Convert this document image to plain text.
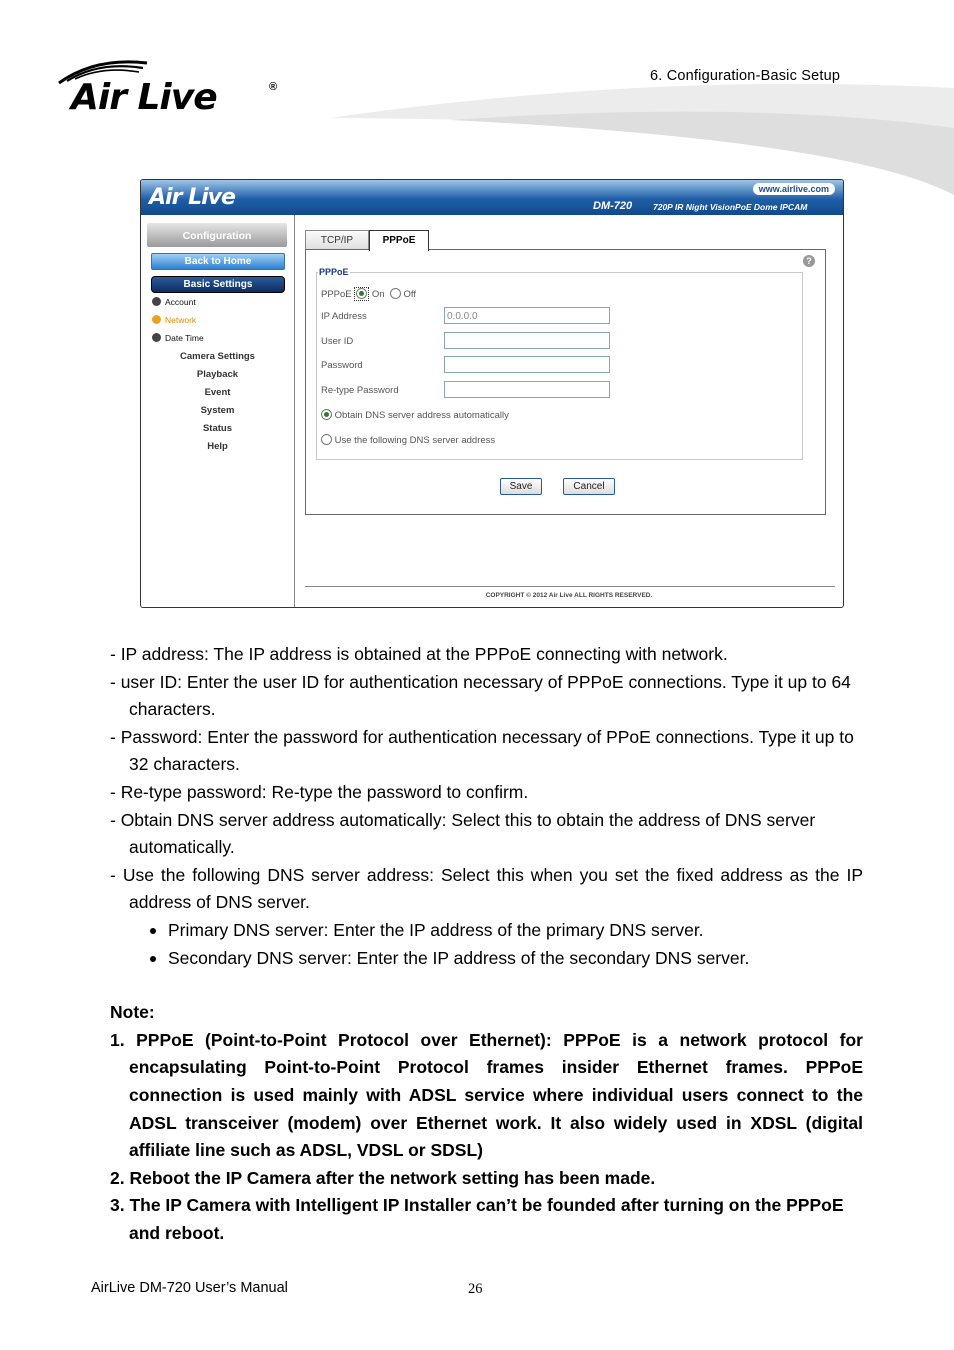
Air Live	®
6. Configuration-Basic Setup
Air Live	www.airlive.com
DM-720 720P IR Night VisionPoE Dome IPCAM
Configuration
Back to Home
Basic Settings
Account
Network
Date Time
Camera Settings
Playback
Event
System
Status
Help
TCP/IP	PPPoE
?
PPPoE
PPPoE On Off
IP Address	0.0.0.0
User ID
Password
Re-type Password
Obtain DNS server address automatically
Use the following DNS server address
Save	Cancel
COPYRIGHT © 2012 Air Live ALL RIGHTS RESERVED.

- IP address: The IP address is obtained at the PPPoE connecting with network.

- user ID: Enter the user ID for authentication necessary of PPPoE connections. Type it up to 64 characters.

- Password: Enter the password for authentication necessary of PPoE connections. Type it up to 32 characters.

- Re-type password: Re-type the password to confirm.

- Obtain DNS server address automatically: Select this to obtain the address of DNS server automatically.

- Use the following DNS server address: Select this when you set the fixed address as the IP address of DNS server.

Primary DNS server: Enter the IP address of the primary DNS server.

Secondary DNS server: Enter the IP address of the secondary DNS server.

Note:

1. PPPoE (Point-to-Point Protocol over Ethernet): PPPoE is a network protocol for encapsulating Point-to-Point Protocol frames insider Ethernet frames. PPPoE connection is used mainly with ADSL service where individual users connect to the ADSL transceiver (modem) over Ethernet work. It also widely used in XDSL (digital affiliate line such as ADSL, VDSL or SDSL)

2. Reboot the IP Camera after the network setting has been made.

3. The IP Camera with Intelligent IP Installer can’t be founded after turning on the PPPoE and reboot.

AirLive DM-720 User’s Manual	26
